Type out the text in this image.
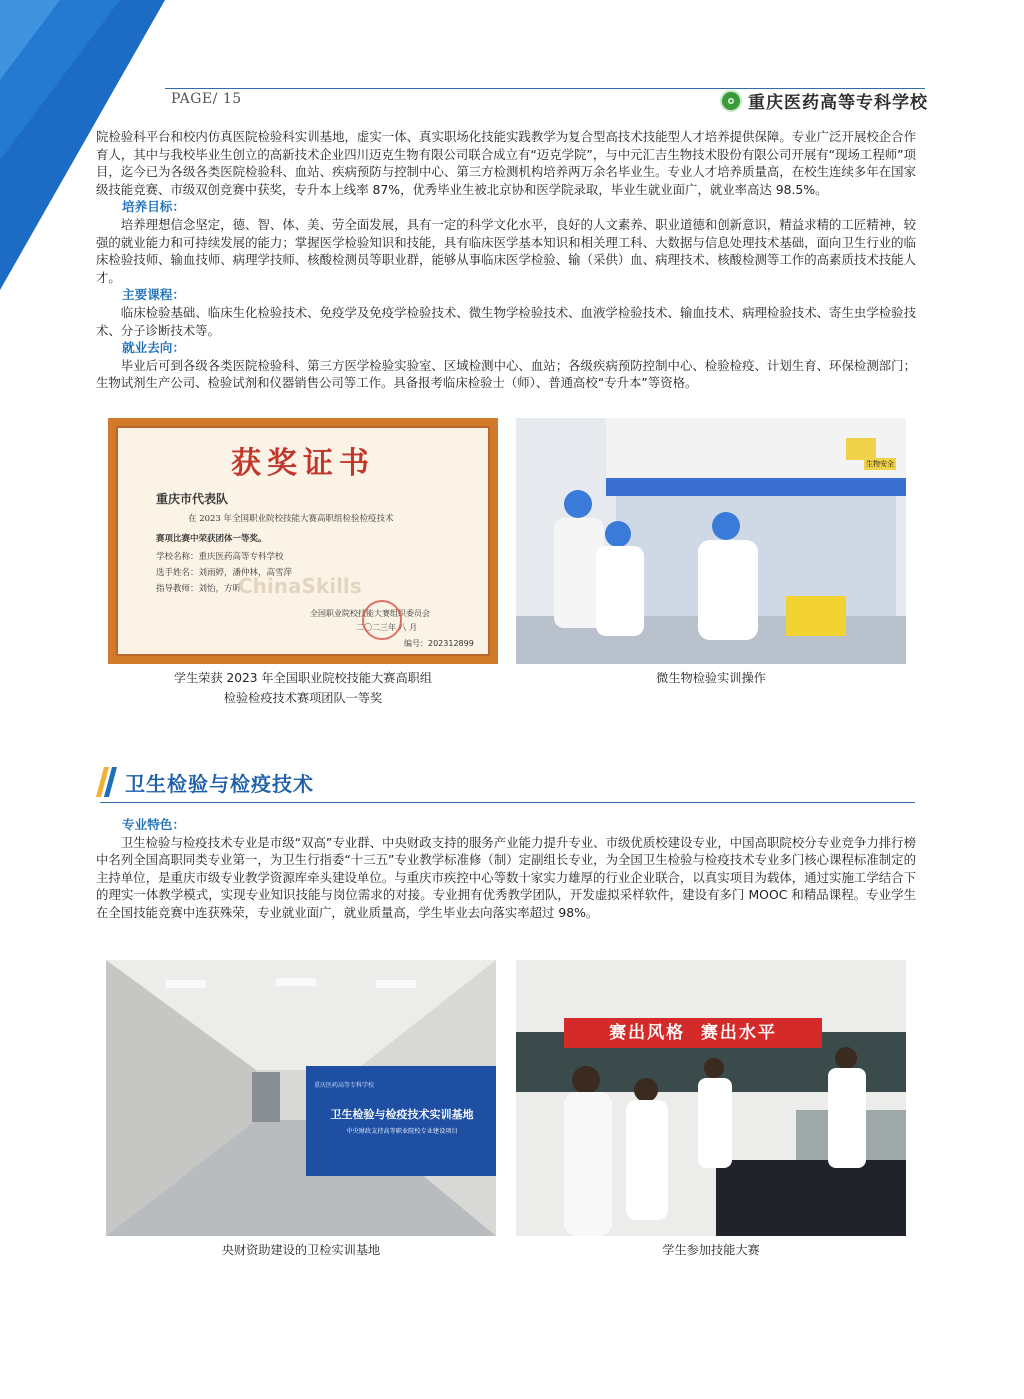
PAGE/ 15	重庆医药高等专科学校

院检验科平台和校内仿真医院检验科实训基地，虚实一体、真实职场化技能实践教学为复合型高技术技能型人才培养提供保障。专业广泛开展校企合作育人，其中与我校毕业生创立的高新技术企业四川迈克生物有限公司联合成立有“迈克学院”，与中元汇吉生物技术股份有限公司开展有“现场工程师”项目，迄今已为各级各类医院检验科、血站、疾病预防与控制中心、第三方检测机构培养两万余名毕业生。专业人才培养质量高，在校生连续多年在国家级技能竞赛、市级双创竞赛中获奖，专升本上线率 87%，优秀毕业生被北京协和医学院录取，毕业生就业面广，就业率高达 98.5%。

培养目标：

培养理想信念坚定，德、智、体、美、劳全面发展，具有一定的科学文化水平，良好的人文素养、职业道德和创新意识，精益求精的工匠精神，较强的就业能力和可持续发展的能力；掌握医学检验知识和技能，具有临床医学基本知识和相关理工科、大数据与信息处理技术基础，面向卫生行业的临床检验技师、输血技师、病理学技师、核酸检测员等职业群，能够从事临床医学检验、输（采供）血、病理技术、核酸检测等工作的高素质技术技能人才。

主要课程：

临床检验基础、临床生化检验技术、免疫学及免疫学检验技术、微生物学检验技术、血液学检验技术、输血技术、病理检验技术、寄生虫学检验技术、分子诊断技术等。

就业去向：

毕业后可到各级各类医院检验科、第三方医学检验实验室、区域检测中心、血站；各级疾病预防控制中心、检验检疫、计划生育、环保检测部门；生物试剂生产公司、检验试剂和仪器销售公司等工作。具备报考临床检验士（师）、普通高校“专升本”等资格。

获奖证书
重庆市代表队
在 2023 年全国职业院校技能大赛高职组检验检疫技术
赛项比赛中荣获团体一等奖。
学校名称：重庆医药高等专科学校
选手姓名：刘雨婷，潘仲林，高雪萍
指导教师：刘怡，方昕
ChinaSkills
全国职业院校技能大赛组织委员会
二〇二三年 八 月
编号：202312899
学生荣获 2023 年全国职业院校技能大赛高职组
检验检疫技术赛项团队一等奖
生物安全
微生物检验实训操作
卫生检验与检疫技术
专业特色：

卫生检验与检疫技术专业是市级“双高”专业群、中央财政支持的服务产业能力提升专业、市级优质校建设专业，中国高职院校分专业竞争力排行榜中名列全国高职同类专业第一，为卫生行指委“十三五”专业教学标准修（制）定副组长专业，为全国卫生检验与检疫技术专业多门核心课程标准制定的主持单位，是重庆市级专业教学资源库牵头建设单位。与重庆市疾控中心等数十家实力雄厚的行业企业联合，以真实项目为载体，通过实施工学结合下的理实一体教学模式，实现专业知识技能与岗位需求的对接。专业拥有优秀教学团队，开发虚拟采样软件，建设有多门 MOOC 和精品课程。专业学生在全国技能竞赛中连获殊荣，专业就业面广，就业质量高，学生毕业去向落实率超过 98%。

重庆医药高等专科学校
卫生检验与检疫技术实训基地
中央财政支持高等职业院校专业建设项目
央财资助建设的卫检实训基地
赛出风格  赛出水平
学生参加技能大赛
